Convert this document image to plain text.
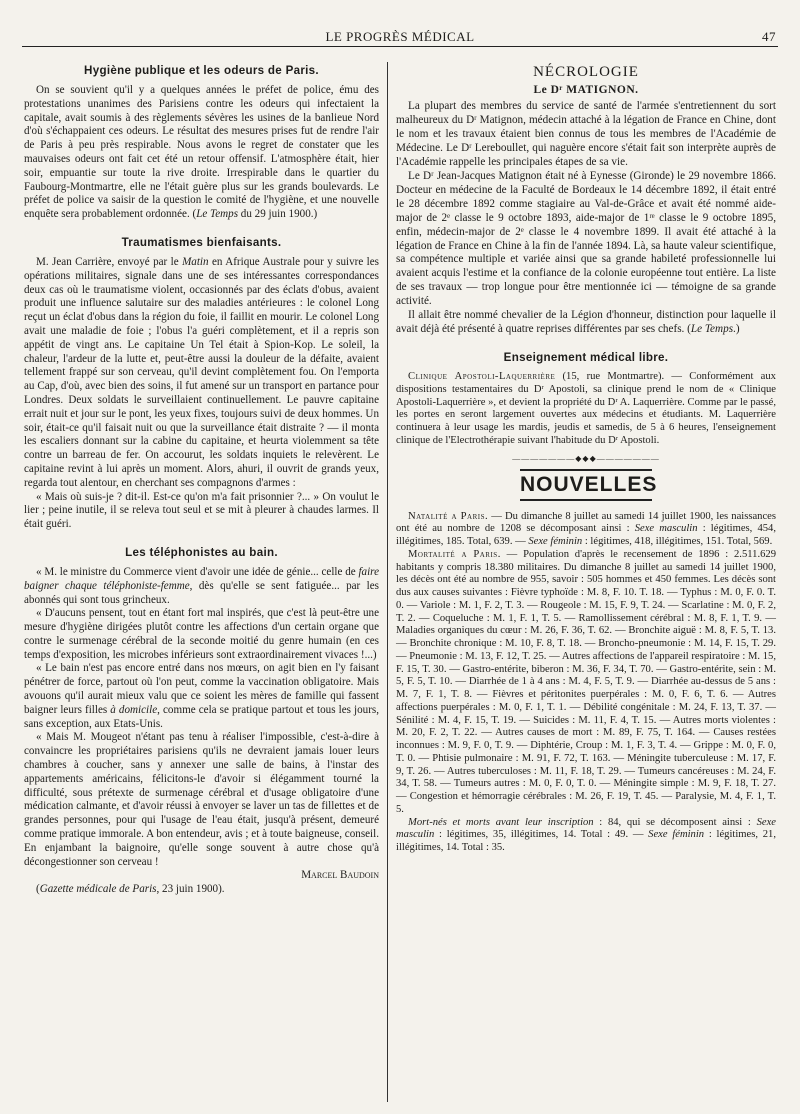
LE PROGRÈS MÉDICAL	47
Hygiène publique et les odeurs de Paris.

On se souvient qu'il y a quelques années le préfet de police, ému des protestations unanimes des Parisiens contre les odeurs qui infectaient la capitale, avait soumis à des règlements sévères les usines de la banlieue Nord d'où s'échappaient ces odeurs. Le résultat des mesures prises fut de rendre l'air de Paris à peu près respirable. Nous avons le regret de constater que les mauvaises odeurs ont fait cet été un retour offensif. L'atmosphère était, hier soir, empuantie sur toute la rive droite. Irrespirable dans le quartier du Faubourg-Montmartre, elle ne l'était guère plus sur les grands boulevards. Le préfet de police va saisir de la question le comité de l'hygiène, et une nouvelle enquête sera probablement ordonnée. (Le Temps du 29 juin 1900.)

Traumatismes bienfaisants.

M. Jean Carrière, envoyé par le Matin en Afrique Australe pour y suivre les opérations militaires, signale dans une de ses intéressantes correspondances deux cas où le traumatisme violent, occasionnés par des éclats d'obus, avaient produit une influence salutaire sur des maladies antérieures : le colonel Long reçut un éclat d'obus dans la région du foie, il faillit en mourir. Le colonel Long avait une maladie de foie ; l'obus l'a guéri complètement, et il a repris son appétit de vingt ans. Le capitaine Un Tel était à Spion-Kop. Le soleil, la chaleur, l'ardeur de la lutte et, peut-être aussi la douleur de la défaite, avaient tellement frappé sur son cerveau, qu'il devint complètement fou. On l'emporta au Cap, d'où, avec bien des soins, il fut amené sur un transport en partance pour Londres. Deux soldats le surveillaient continuellement. Le pauvre capitaine errait nuit et jour sur le pont, les yeux fixes, toujours suivi de deux hommes. Un soir, était-ce qu'il faisait nuit ou que la surveillance était distraite ? — il monta les escaliers donnant sur la cabine du capitaine, et heurta violemment sa tête contre un barreau de fer. On accourut, les soldats inquiets le relevèrent. Le capitaine revint à lui après un moment. Alors, ahuri, il ouvrit de grands yeux, regarda tout alentour, en cherchant ses compagnons d'armes :

« Mais où suis-je ? dit-il. Est-ce qu'on m'a fait prisonnier ?... » On voulut le lier ; peine inutile, il se releva tout seul et se mit à pleurer à chaudes larmes. Il était guéri.

Les téléphonistes au bain.

« M. le ministre du Commerce vient d'avoir une idée de génie... celle de faire baigner chaque téléphoniste-femme, dès qu'elle se sent fatiguée... par les abonnés qui sont tous grincheux.

« D'aucuns pensent, tout en étant fort mal inspirés, que c'est là peut-être une mesure d'hygiène dirigées plutôt contre les affections d'un certain organe que contre le surmenage cérébral de la seconde moitié du genre humain (en ces temps d'exposition, les microbes inférieurs sont extraordinairement vivaces !...)

« Le bain n'est pas encore entré dans nos mœurs, on agit bien en l'y faisant pénétrer de force, partout où l'on peut, comme la vaccination obligatoire. Mais avouons qu'il aurait mieux valu que ce soient les mères de famille qui fassent baigner leurs filles à domicile, comme cela se pratique partout et tous les jours, sans exception, aux Etats-Unis.

« Mais M. Mougeot n'étant pas tenu à réaliser l'impossible, c'est-à-dire à convaincre les propriétaires parisiens qu'ils ne devraient jamais louer leurs chambres à coucher, sans y annexer une salle de bains, à l'instar des appartements américains, félicitons-le d'avoir si élégamment tourné la difficulté, sous prétexte de surmenage cérébral et d'usage obligatoire d'une médication calmante, et d'avoir réussi à envoyer se laver un tas de fillettes et de grandes personnes, pour qui l'usage de l'eau était, jusqu'à présent, demeuré comme pratique immorale. A bon entendeur, avis ; et à toute baigneuse, conseil. En enjambant la baignoire, qu'elle songe souvent à autre chose qu'à décongestionner son cerveau !

Marcel Baudoin

(Gazette médicale de Paris, 23 juin 1900).

NÉCROLOGIE
Le Dʳ MATIGNON.

La plupart des membres du service de santé de l'armée s'entretiennent du sort malheureux du Dʳ Matignon, médecin attaché à la légation de France en Chine, dont le nom et les travaux étaient bien connus de tous les membres de l'Académie de Médecine. Le Dʳ Lereboullet, qui naguère encore s'était fait son interprète auprès de l'Académie rappelle les principales étapes de sa vie.

Le Dʳ Jean-Jacques Matignon était né à Eynesse (Gironde) le 29 novembre 1866. Docteur en médecine de la Faculté de Bordeaux le 14 décembre 1892, il était entré le 28 décembre 1892 comme stagiaire au Val-de-Grâce et avait été nommé aide-major de 2ᵉ classe le 9 octobre 1893, aide-major de 1ʳᵉ classe le 9 octobre 1895, enfin, médecin-major de 2ᵉ classe le 4 novembre 1899. Il avait été attaché à la légation de France en Chine à la fin de l'année 1894. Là, sa haute valeur scientifique, sa compétence multiple et variée ainsi que sa grande habileté professionnelle lui avaient acquis l'estime et la confiance de la colonie européenne tout entière. La liste de ses travaux — trop longue pour être mentionnée ici — témoigne de sa grande activité.

Il allait être nommé chevalier de la Légion d'honneur, distinction pour laquelle il avait déjà été présenté à quatre reprises différentes par ses chefs. (Le Temps.)

Enseignement médical libre.

Clinique Apostoli-Laquerrière (15, rue Montmartre). — Conformément aux dispositions testamentaires du Dʳ Apostoli, sa clinique prend le nom de « Clinique Apostoli-Laquerrière », et devient la propriété du Dʳ A. Laquerrière. Comme par le passé, les portes en seront largement ouvertes aux médecins et étudiants. M. Laquerrière continuera à leur usage les mardis, jeudis et samedis, de 5 à 6 heures, l'enseignement clinique de l'Electrothérapie suivant l'habitude du Dʳ Apostoli.

———————◆◆◆———————
NOUVELLES

Natalité a Paris. — Du dimanche 8 juillet au samedi 14 juillet 1900, les naissances ont été au nombre de 1208 se décomposant ainsi : Sexe masculin : légitimes, 454, illégitimes, 185. Total, 639. — Sexe féminin : légitimes, 418, illégitimes, 151. Total, 569.

Mortalité a Paris. — Population d'après le recensement de 1896 : 2.511.629 habitants y compris 18.380 militaires. Du dimanche 8 juillet au samedi 14 juillet 1900, les décès ont été au nombre de 955, savoir : 505 hommes et 450 femmes. Les décès sont dus aux causes suivantes : Fièvre typhoïde : M. 8, F. 10. T. 18. — Typhus : M. 0, F. 0. T. 0. — Variole : M. 1, F. 2, T. 3. — Rougeole : M. 15, F. 9, T. 24. — Scarlatine : M. 0, F. 2, T. 2. — Coqueluche : M. 1, F. 1, T. 5. — Ramollissement cérébral : M. 8, F. 1, T. 9. — Maladies organiques du cœur : M. 26, F. 36, T. 62. — Bronchite aiguë : M. 8, F. 5, T. 13. — Bronchite chronique : M. 10, F. 8, T. 18. — Broncho-pneumonie : M. 14, F. 15, T. 29. — Pneumonie : M. 13, F. 12, T. 25. — Autres affections de l'appareil respiratoire : M. 15, F. 15, T. 30. — Gastro-entérite, biberon : M. 36, F. 34, T. 70. — Gastro-entérite, sein : M. 5, F. 5, T. 10. — Diarrhée de 1 à 4 ans : M. 4, F. 5, T. 9. — Diarrhée au-dessus de 5 ans : M. 7, F. 1, T. 8. — Fièvres et péritonites puerpérales : M. 0, F. 6, T. 6. — Autres affections puerpérales : M. 0, F. 1, T. 1. — Débilité congénitale : M. 24, F. 13, T. 37. — Sénilité : M. 4, F. 15, T. 19. — Suicides : M. 11, F. 4, T. 15. — Autres morts violentes : M. 20, F. 2, T. 22. — Autres causes de mort : M. 89, F. 75, T. 164. — Causes restées inconnues : M. 9, F. 0, T. 9. — Diphtérie, Croup : M. 1, F. 3, T. 4. — Grippe : M. 0, F. 0, T. 0. — Phtisie pulmonaire : M. 91, F. 72, T. 163. — Méningite tuberculeuse : M. 17, F. 9, T. 26. — Autres tuberculoses : M. 11, F. 18, T. 29. — Tumeurs cancéreuses : M. 24, F. 34, T. 58. — Tumeurs autres : M. 0, F. 0, T. 0. — Méningite simple : M. 9, F. 18, T. 27. — Congestion et hémorragie cérébrales : M. 26, F. 19, T. 45. — Paralysie, M. 4, F. 1, T. 5.

Mort-nés et morts avant leur inscription : 84, qui se décomposent ainsi : Sexe masculin : légitimes, 35, illégitimes, 14. Total : 49. — Sexe féminin : légitimes, 21, illégitimes, 14. Total : 35.
